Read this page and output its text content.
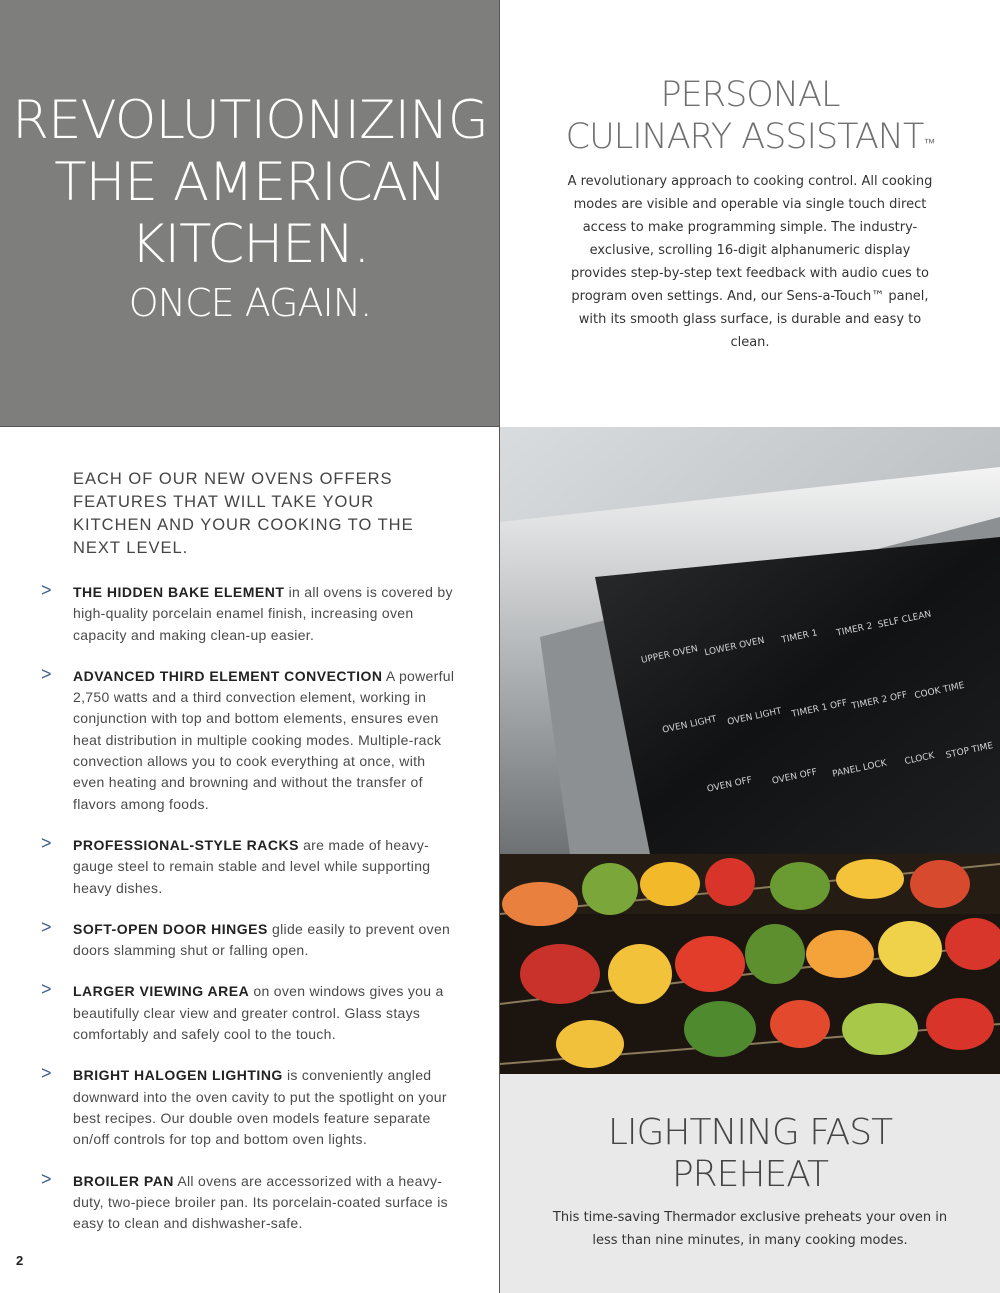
REVOLUTIONIZING
THE AMERICAN
KITCHEN.
ONCE AGAIN.
PERSONAL
CULINARY ASSISTANT™
A revolutionary approach to cooking control. All cooking modes are visible and operable via single touch direct access to make programming simple. The industry-exclusive, scrolling 16-digit alphanumeric display provides step-by-step text feedback with audio cues to program oven settings. And, our Sens-a-Touch™ panel, with its smooth glass surface, is durable and easy to clean.
EACH OF OUR NEW OVENS OFFERS FEATURES THAT WILL TAKE YOUR KITCHEN AND YOUR COOKING TO THE NEXT LEVEL.
> THE HIDDEN BAKE ELEMENT in all ovens is covered by high-quality porcelain enamel finish, increasing oven capacity and making clean-up easier.
> ADVANCED THIRD ELEMENT CONVECTION A powerful 2,750 watts and a third convection element, working in conjunction with top and bottom elements, ensures even heat distribution in multiple cooking modes. Multiple-rack convection allows you to cook everything at once, with even heating and browning and without the transfer of flavors among foods.
> PROFESSIONAL-STYLE RACKS are made of heavy-gauge steel to remain stable and level while supporting heavy dishes.
> SOFT-OPEN DOOR HINGES glide easily to prevent oven doors slamming shut or falling open.
> LARGER VIEWING AREA on oven windows gives you a beautifully clear view and greater control. Glass stays comfortably and safely cool to the touch.
> BRIGHT HALOGEN LIGHTING is conveniently angled downward into the oven cavity to put the spotlight on your best recipes. Our double oven models feature separate on/off controls for top and bottom oven lights.
> BROILER PAN All ovens are accessorized with a heavy-duty, two-piece broiler pan. Its porcelain-coated surface is easy to clean and dishwasher-safe.
2
UPPER OVEN LOWER OVEN TIMER 1 TIMER 2 SELF CLEAN
OVEN LIGHT OVEN LIGHT TIMER 1 OFF TIMER 2 OFF COOK TIME
OVEN OFF OVEN OFF PANEL LOCK CLOCK STOP TIME
LIGHTNING FAST
PREHEAT
This time-saving Thermador exclusive preheats your oven in less than nine minutes, in many cooking modes.
